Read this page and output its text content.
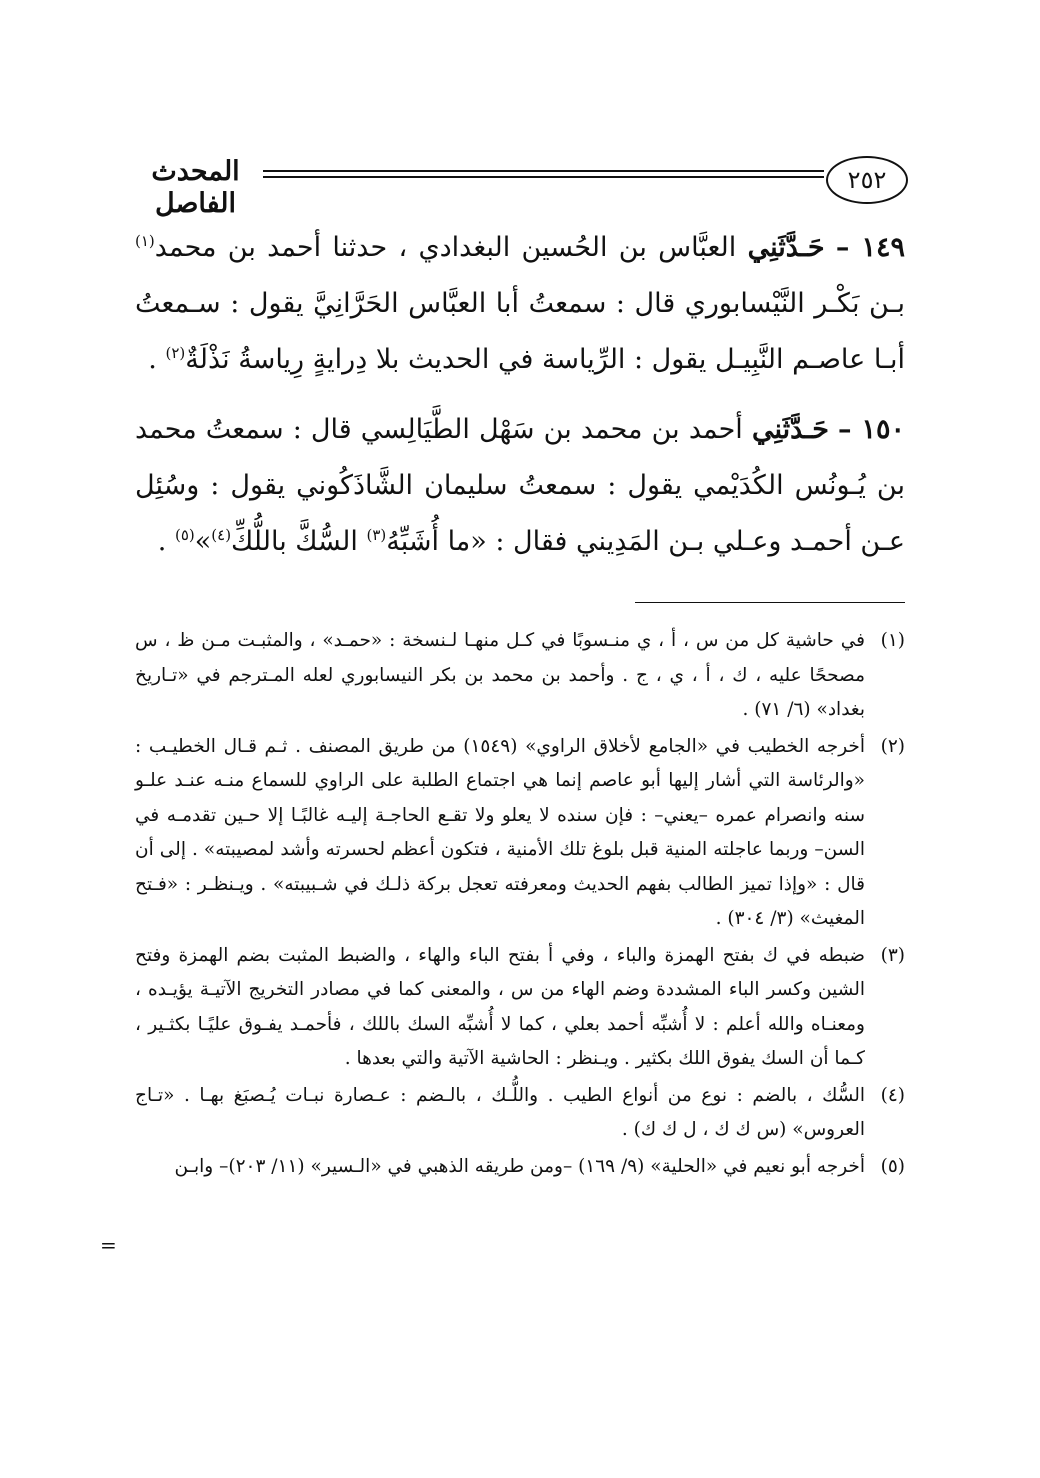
٢٥٢
المحدث الفاصل

١٤٩ – حَـدَّثَنِي العبَّاس بن الحُسين البغدادي ، حدثنا أحمد بن محمد$^{(١)}$ بـن بَكْـر النَّيْسابوري قال : سمعتُ أبا العبَّاس الحَرَّانِيَّ يقول : سـمعتُ أبـا عاصـم النَّبِيـل يقول : الرِّياسة في الحديث بلا دِرايةٍ رِياسةُ نَذْلَةٌ$^{(٢)}$ .

١٥٠ – حَـدَّثَنِي أحمد بن محمد بن سَهْل الطَّيَالِسي قال : سمعتُ محمد بن يُـونُس الكُدَيْمي يقول : سمعتُ سليمان الشَّاذَكُوني يقول : وسُئِل عـن أحمـد وعـلي بـن المَدِيني فقال : «ما أُشَبِّهُ$^{(٣)}$ السُّكَّ باللُّكِّ$^{(٤)}$»$^{(٥)}$ .

(١)
في حاشية كل من س ، أ ، ي منـسوبًا في كـل منهـا لـنسخة : «حمـد» ، والمثبـت مـن ظ ، س مصححًا عليه ، ك ، أ ، ي ، ج . وأحمد بن محمد بن بكر النيسابوري لعله المـترجم في «تـاريخ بغداد» (٦/ ٧١) .
(٢)
أخرجه الخطيب في «الجامع لأخلاق الراوي» (١٥٤٩) من طريق المصنف . ثـم قـال الخطيـب : «والرئاسة التي أشار إليها أبو عاصم إنما هي اجتماع الطلبة على الراوي للسماع منـه عنـد علـو سنه وانصرام عمره –يعني– : فإن سنده لا يعلو ولا تقـع الحاجـة إليـه غالبًـا إلا حـين تقدمـه في السن– وربما عاجلته المنية قبل بلوغ تلك الأمنية ، فتكون أعظم لحسرته وأشد لمصيبته» . إلى أن قال : «وإذا تميز الطالب بفهم الحديث ومعرفته تعجل بركة ذلـك في شـبيبته» . ويـنظـر : «فـتح المغيث» (٣/ ٣٠٤) .
(٣)
ضبطه في ك بفتح الهمزة والباء ، وفي أ بفتح الباء والهاء ، والضبط المثبت بضم الهمزة وفتح الشين وكسر الباء المشددة وضم الهاء من س ، والمعنى كما في مصادر التخريج الآتيـة يؤيـده ، ومعنـاه والله أعلم : لا أُشبِّه أحمد بعلي ، كما لا أُشبِّه السك باللك ، فأحمـد يفـوق عليًـا بكثـير ، كـما أن السك يفوق اللك بكثير . ويـنظر : الحاشية الآتية والتي بعدها .
(٤)
السُّك ، بالضم : نوع من أنواع الطيب . واللُّـك ، بالـضم : عـصارة نبـات يُـصبَغ بهـا . «تـاج العروس» (س ك ك ، ل ك ك) .
(٥)
أخرجه أبو نعيم في «الحلية» (٩/ ١٦٩) –ومن طريقه الذهبي في «الـسير» (١١/ ٢٠٣)– وابـن
=
